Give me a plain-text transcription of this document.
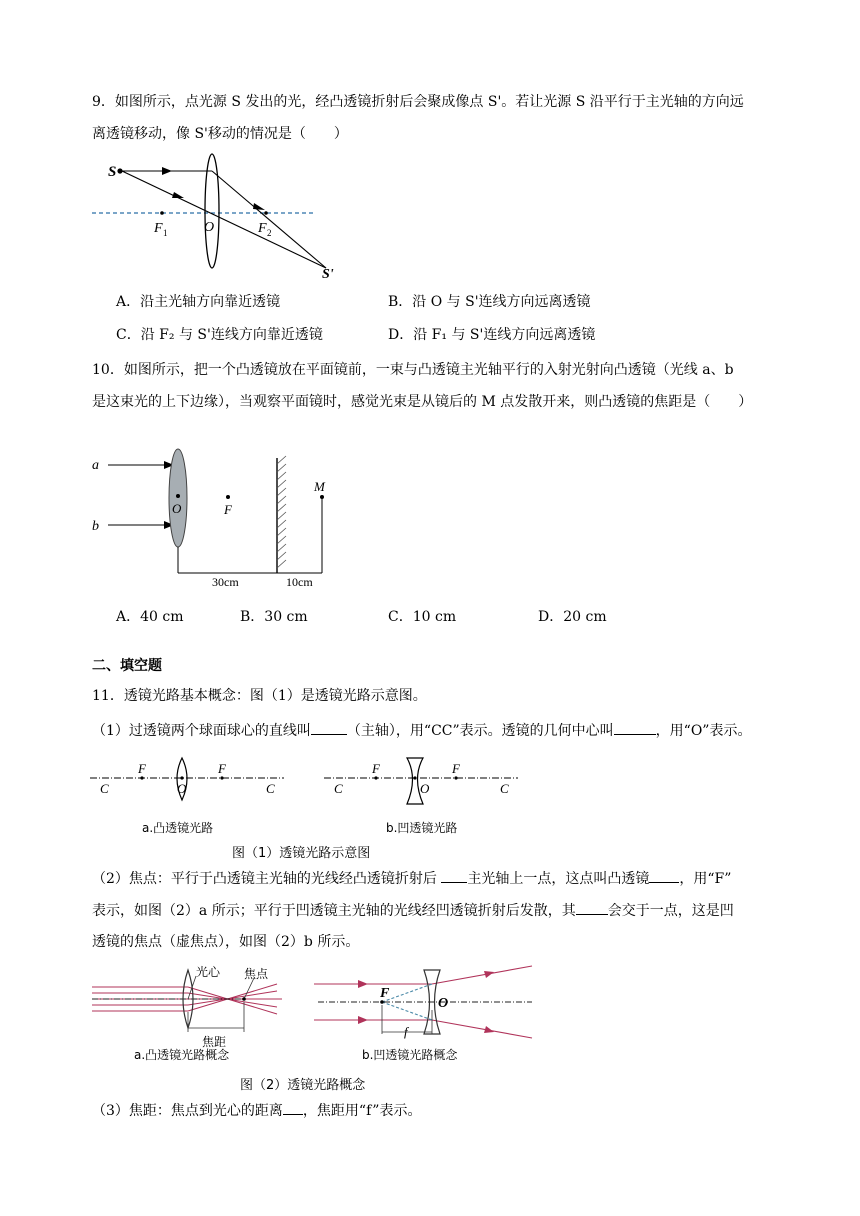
9．如图所示，点光源 S 发出的光，经凸透镜折射后会聚成像点 S'。若让光源 S 沿平行于主光轴的方向远
离透镜移动，像 S'移动的情况是（　　）
S
F 1	O	F 2
S'
A．沿主光轴方向靠近透镜	B．沿 O 与 S'连线方向远离透镜
C．沿 F₂ 与 S'连线方向靠近透镜	D．沿 F₁ 与 S'连线方向远离透镜
10．如图所示，把一个凸透镜放在平面镜前，一束与凸透镜主光轴平行的入射光射向凸透镜（光线 a、b
是这束光的上下边缘），当观察平面镜时，感觉光束是从镜后的 M 点发散开来，则凸透镜的焦距是（　　）
a
b
O	F
M
30cm	10cm
A．40 cm	B．30 cm	C．10 cm	D．20 cm
二、填空题
11．透镜光路基本概念：图（1）是透镜光路示意图。
（1）过透镜两个球面球心的直线叫	（主轴），用“CC”表示。透镜的几何中心叫	，用“O”表示。
F	F
O
C	C
F	F
O
C	C
a.凸透镜光路	b.凹透镜光路
图（1）透镜光路示意图
（2）焦点：平行于凸透镜主光轴的光线经凸透镜折射后 主光轴上一点，这点叫凸透镜 ，用“F”
表示，如图（2）a 所示；平行于凹透镜主光轴的光线经凹透镜折射后发散，其 会交于一点，这是凹
透镜的焦点（虚焦点），如图（2）b 所示。
光心 焦点
焦距
F
O
f
a.凸透镜光路概念	b.凹透镜光路概念
图（2）透镜光路概念
（3）焦距：焦点到光心的距离 ，焦距用“f”表示。
